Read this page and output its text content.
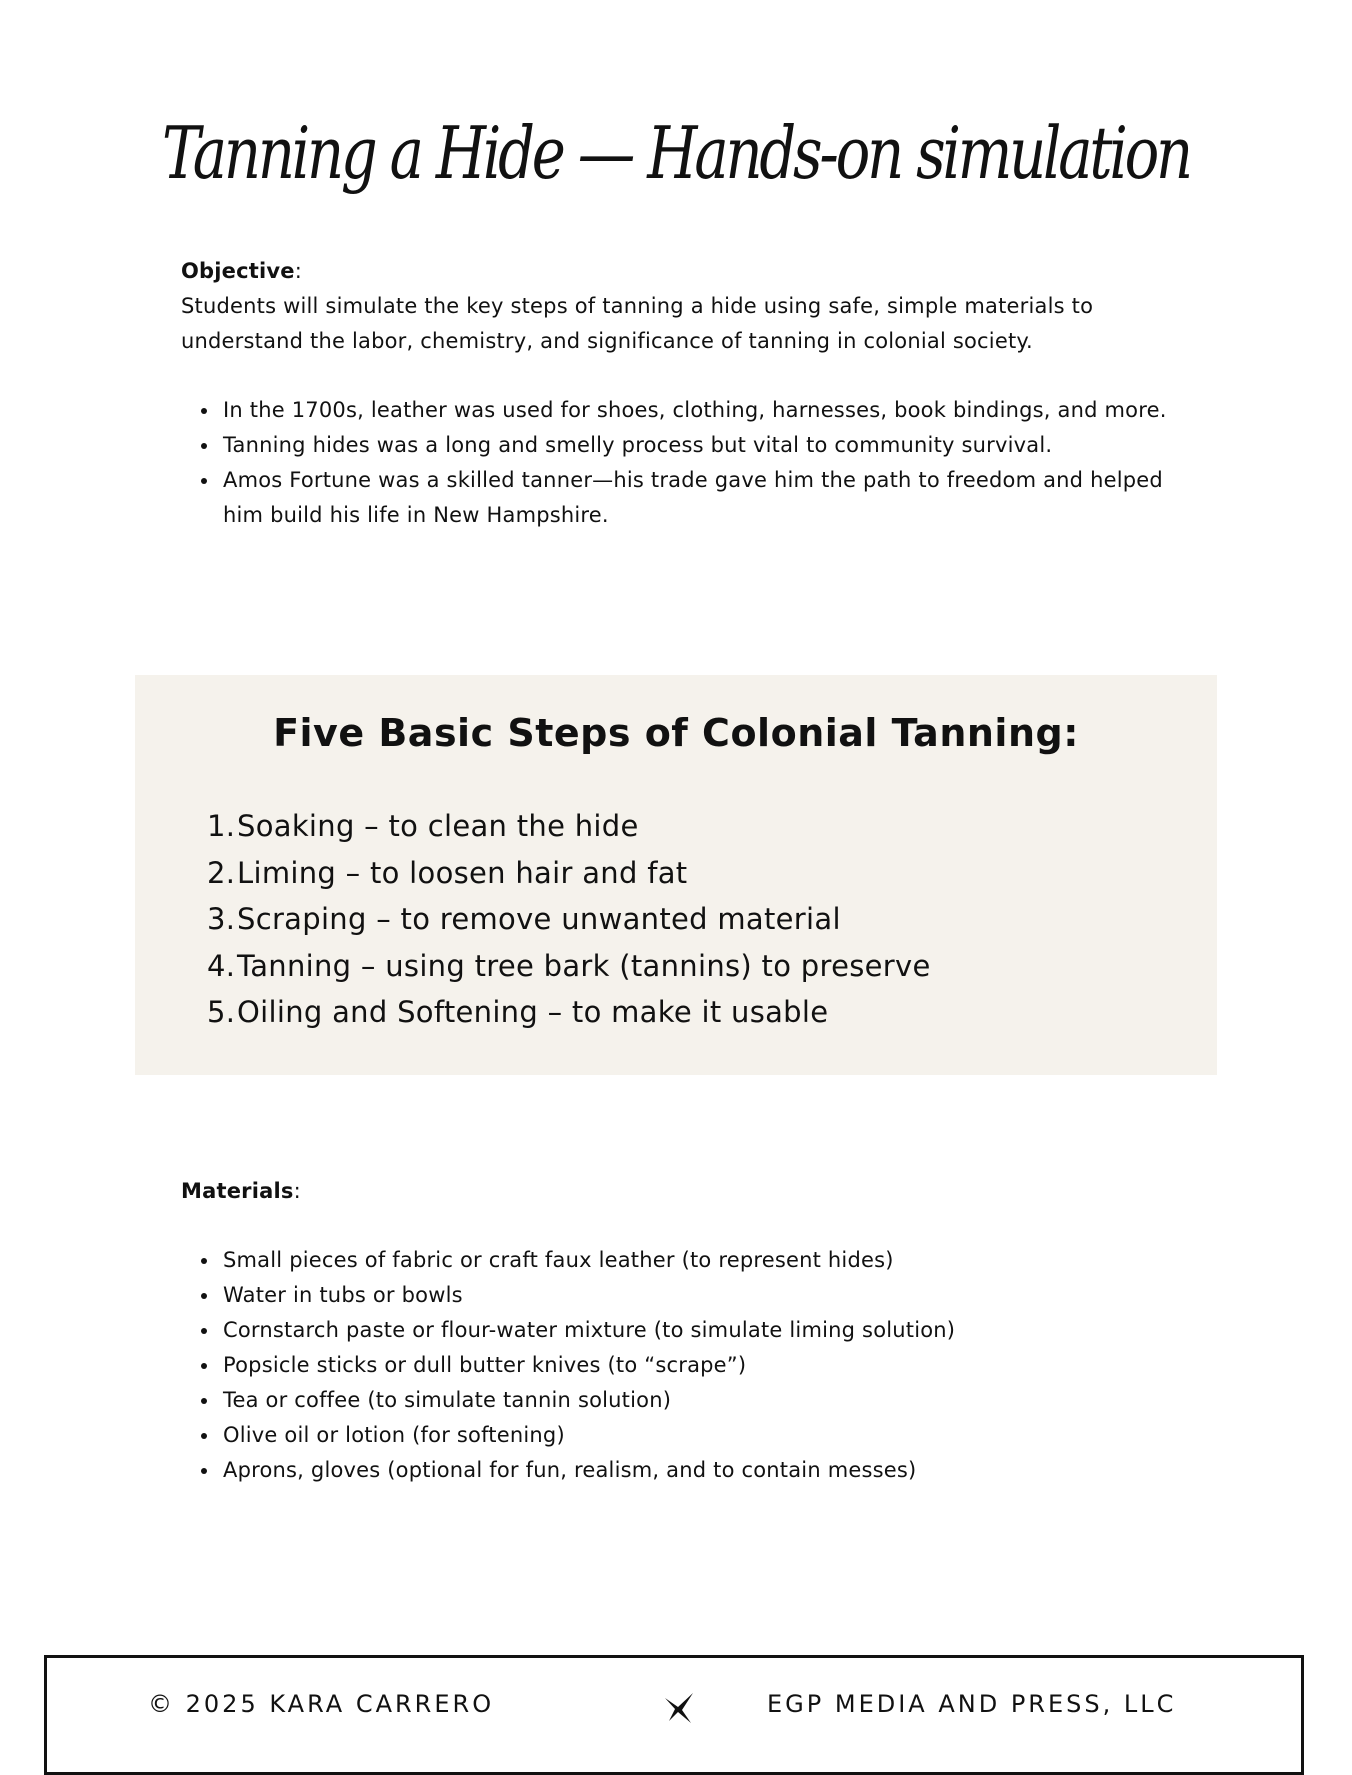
Tanning a Hide — Hands-on simulation

Objective:

Students will simulate the key steps of tanning a hide using safe, simple materials to understand the labor, chemistry, and significance of tanning in colonial society.

In the 1700s, leather was used for shoes, clothing, harnesses, book bindings, and more.
Tanning hides was a long and smelly process but vital to community survival.
Amos Fortune was a skilled tanner—his trade gave him the path to freedom and helped him build his life in New Hampshire.
Five Basic Steps of Colonial Tanning:
1.Soaking – to clean the hide
2.Liming – to loosen hair and fat
3.Scraping – to remove unwanted material
4.Tanning – using tree bark (tannins) to preserve
5.Oiling and Softening – to make it usable
Materials:
Small pieces of fabric or craft faux leather (to represent hides)
Water in tubs or bowls
Cornstarch paste or flour-water mixture (to simulate liming solution)
Popsicle sticks or dull butter knives (to “scrape”)
Tea or coffee (to simulate tannin solution)
Olive oil or lotion (for softening)
Aprons, gloves (optional for fun, realism, and to contain messes)
© 2025 KARA CARRERO	EGP MEDIA AND PRESS, LLC
